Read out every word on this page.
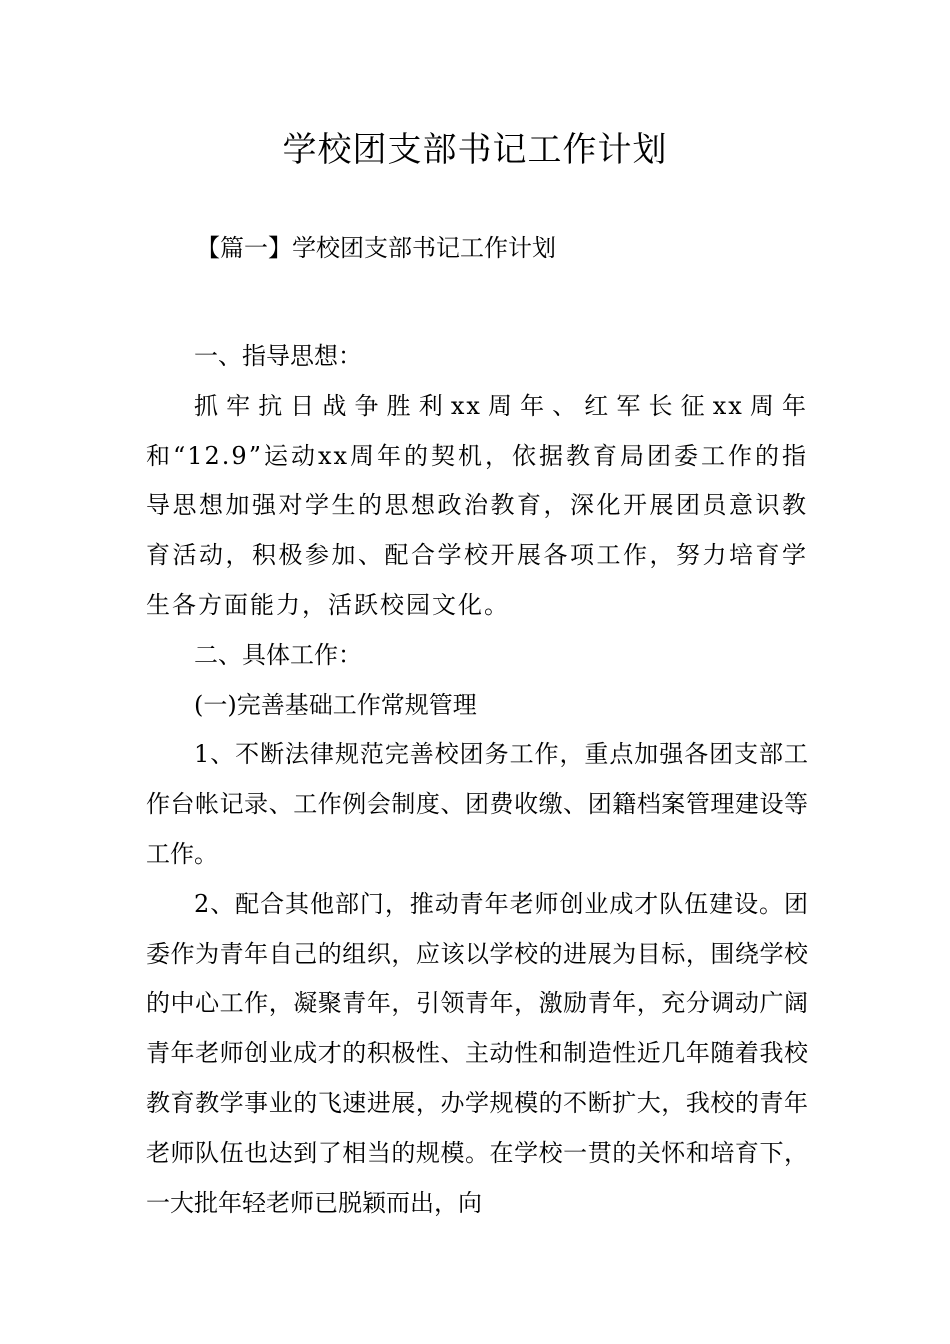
学校团支部书记工作计划
【篇一】学校团支部书记工作计划

一、指导思想：

抓牢抗日战争胜利xx周年、红军长征xx周年和“12.9”运动xx周年的契机，依据教育局团委工作的指导思想加强对学生的思想政治教育，深化开展团员意识教育活动，积极参加、配合学校开展各项工作，努力培育学生各方面能力，活跃校园文化。

二、具体工作：

(一)完善基础工作常规管理

1、不断法律规范完善校团务工作，重点加强各团支部工作台帐记录、工作例会制度、团费收缴、团籍档案管理建设等工作。

2、配合其他部门，推动青年老师创业成才队伍建设。团委作为青年自己的组织，应该以学校的进展为目标，围绕学校的中心工作，凝聚青年，引领青年，激励青年，充分调动广阔青年老师创业成才的积极性、主动性和制造性近几年随着我校教育教学事业的飞速进展，办学规模的不断扩大，我校的青年老师队伍也达到了相当的规模。在学校一贯的关怀和培育下，一大批年轻老师已脱颖而出，向
